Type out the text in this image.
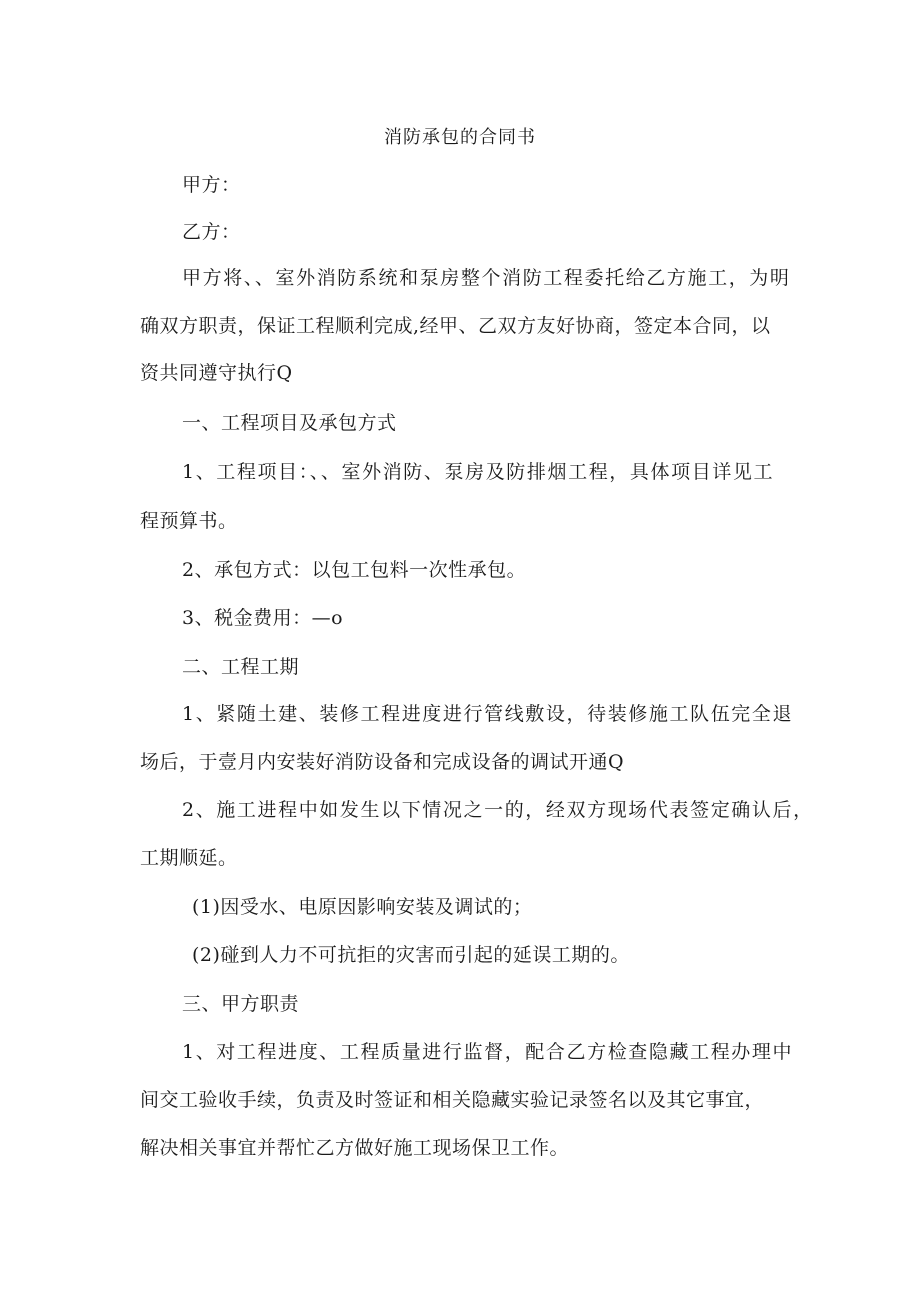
消防承包的合同书
甲方：
乙方：
甲方将、、室外消防系统和泵房整个消防工程委托给乙方施工，为明
确双方职责，保证工程顺利完成,经甲、乙双方友好协商，签定本合同，以
资共同遵守执行Q
一、工程项目及承包方式
1、工程项目：、、室外消防、泵房及防排烟工程，具体项目详见工
程预算书。
2、承包方式：以包工包料一次性承包。
3、税金费用：—o
二、工程工期
1、紧随土建、装修工程进度进行管线敷设，待装修施工队伍完全退
场后，于壹月内安装好消防设备和完成设备的调试开通Q
2、施工进程中如发生以下情况之一的，经双方现场代表签定确认后，
工期顺延。
(1)因受水、电原因影响安装及调试的；
(2)碰到人力不可抗拒的灾害而引起的延误工期的。
三、甲方职责
1、对工程进度、工程质量进行监督，配合乙方检查隐藏工程办理中
间交工验收手续，负责及时签证和相关隐藏实验记录签名以及其它事宜，
解决相关事宜并帮忙乙方做好施工现场保卫工作。
